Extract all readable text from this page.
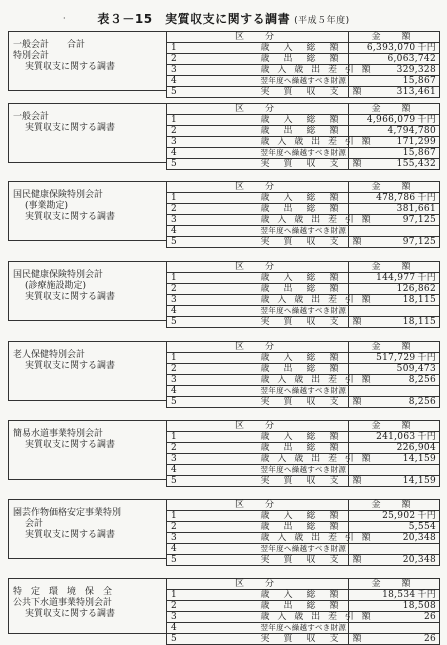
·	表３－15　実質収支に関する調書 (平成５年度)
一般会計　　合計
特別会計
実質収支に関する調書
区　分		金　額
1	歳　入　総　額	6,393,070 千円
2	歳　出　総　額	6,063,742
3	歳 入 歳 出 差 引 額	329,328
4	翌年度へ繰越すべき財源	15,867
5	実　質　収　支　額	313,461
一般会計
実質収支に関する調書
区　分		金　額
1	歳　入　総　額	4,966,079 千円
2	歳　出　総　額	4,794,780
3	歳 入 歳 出 差 引 額	171,299
4	翌年度へ繰越すべき財源	15,867
5	実　質　収　支　額	155,432
国民健康保険特別会計
(事業勘定)
実質収支に関する調書
区　分		金　額
1	歳　入　総　額	478,786 千円
2	歳　出　総　額	381,661
3	歳 入 歳 出 差 引 額	97,125
4	翌年度へ繰越すべき財源	
5	実　質　収　支　額	97,125
国民健康保険特別会計
(診療施設勘定)
実質収支に関する調書
区　分		金　額
1	歳　入　総　額	144,977 千円
2	歳　出　総　額	126,862
3	歳 入 歳 出 差 引 額	18,115
4	翌年度へ繰越すべき財源	
5	実　質　収　支　額	18,115
老人保健特別会計
実質収支に関する調書
区　分		金　額
1	歳　入　総　額	517,729 千円
2	歳　出　総　額	509,473
3	歳 入 歳 出 差 引 額	8,256
4	翌年度へ繰越すべき財源	
5	実　質　収　支　額	8,256
簡易水道事業特別会計
実質収支に関する調書
区　分		金　額
1	歳　入　総　額	241,063 千円
2	歳　出　総　額	226,904
3	歳 入 歳 出 差 引 額	14,159
4	翌年度へ繰越すべき財源	
5	実　質　収　支　額	14,159
園芸作物価格安定事業特別
会計
実質収支に関する調書
区　分		金　額
1	歳　入　総　額	25,902 千円
2	歳　出　総　額	5,554
3	歳 入 歳 出 差 引 額	20,348
4	翌年度へ繰越すべき財源	
5	実　質　収　支　額	20,348
特　定　環　境　保　全
公共下水道事業特別会計
実質収支に関する調書
区　分		金　額
1	歳　入　総　額	18,534 千円
2	歳　出　総　額	18,508
3	歳 入 歳 出 差 引 額	26
4	翌年度へ繰越すべき財源	
5	実　質　収　支　額	26
